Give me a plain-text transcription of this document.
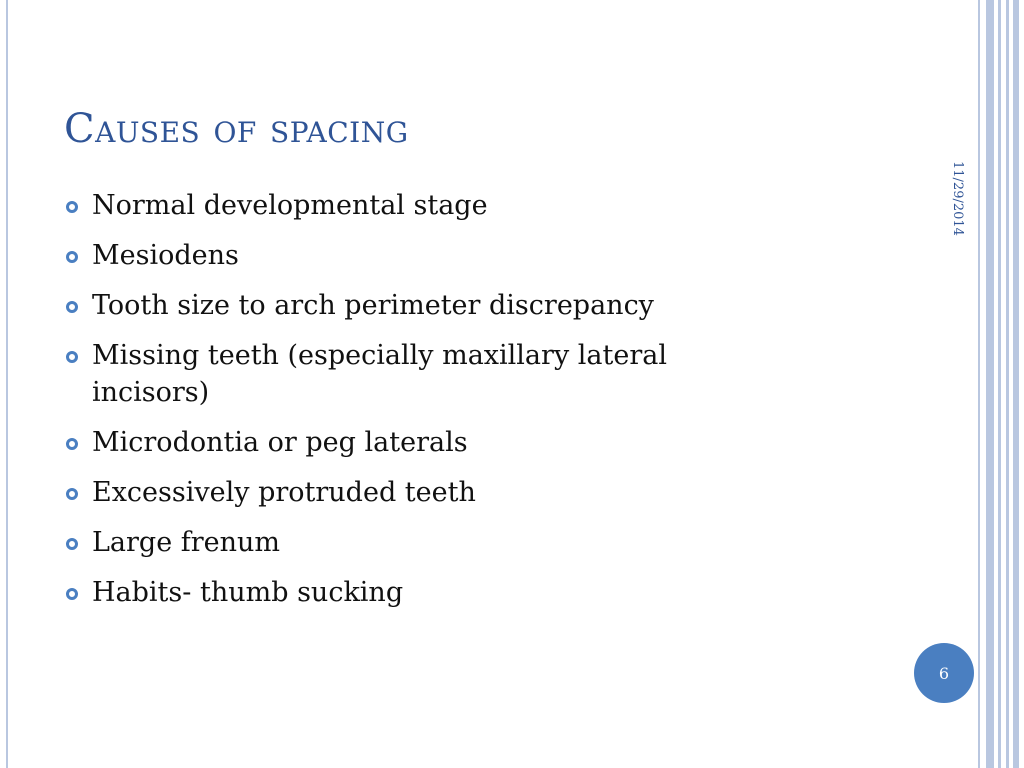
Causes of spacing
11/29/2014
Normal developmental stage
Mesiodens
Tooth size to arch perimeter discrepancy
Missing teeth (especially maxillary lateral incisors)
Microdontia or peg laterals
Excessively protruded teeth
Large frenum
Habits- thumb sucking
6
